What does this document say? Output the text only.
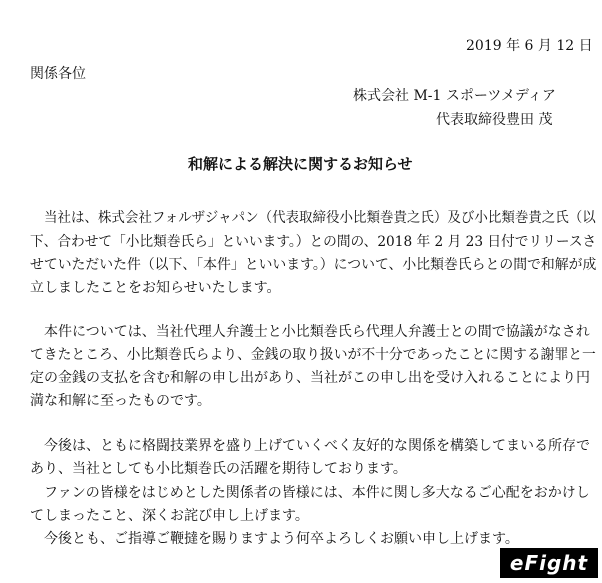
2019 年 6 月 12 日
関係各位
株式会社 M-1 スポーツメディア
代表取締役豊田 茂
和解による解決に関するお知らせ
当社は、株式会社フォルザジャパン（代表取締役小比類巻貴之氏）及び小比類巻貴之氏（以
下、合わせて「小比類巻氏ら」といいます。）との間の、2018 年 2 月 23 日付でリリースさ
せていただいた件（以下、「本件」といいます。）について、小比類巻氏らとの間で和解が成
立しましたことをお知らせいたします。
本件については、当社代理人弁護士と小比類巻氏ら代理人弁護士との間で協議がなされ
てきたところ、小比類巻氏らより、金銭の取り扱いが不十分であったことに関する謝罪と一
定の金銭の支払を含む和解の申し出があり、当社がこの申し出を受け入れることにより円
満な和解に至ったものです。
今後は、ともに格闘技業界を盛り上げていくべく友好的な関係を構築してまいる所存で
あり、当社としても小比類巻氏の活躍を期待しております。
ファンの皆様をはじめとした関係者の皆様には、本件に関し多大なるご心配をおかけし
てしまったこと、深くお詫び申し上げます。
今後とも、ご指導ご鞭撻を賜りますよう何卒よろしくお願い申し上げます。
eFight
